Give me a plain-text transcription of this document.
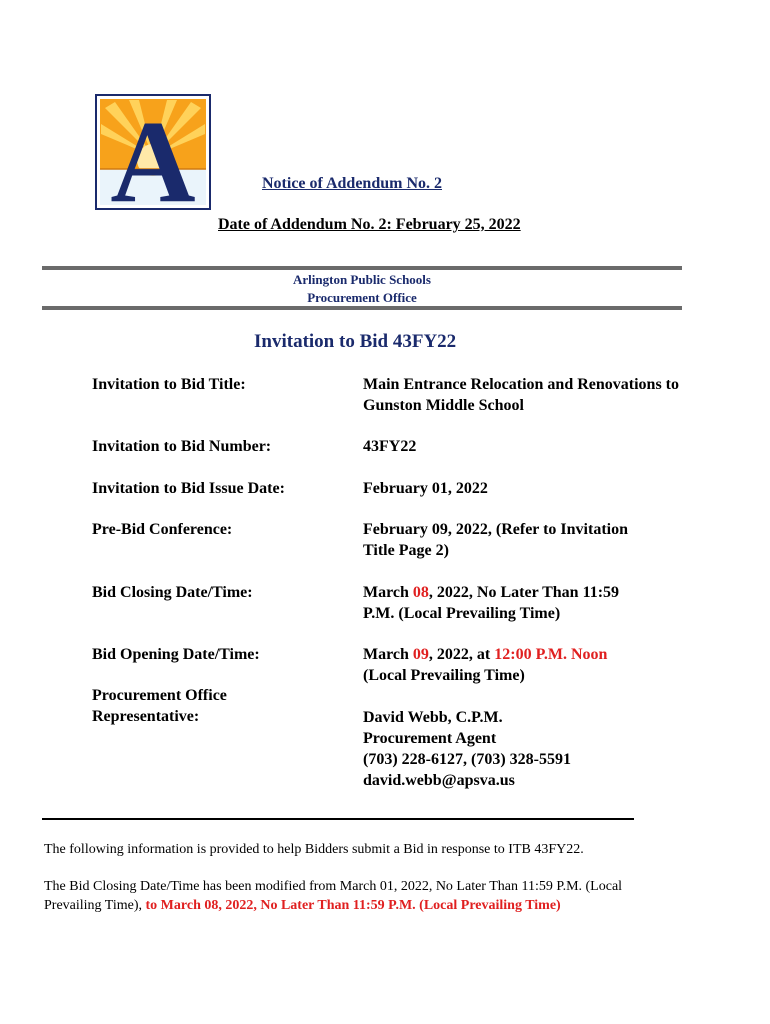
A	Notice of Addendum No. 2
Date of Addendum No. 2: February 25, 2022
Arlington Public Schools
Procurement Office
Invitation to Bid 43FY22
Invitation to Bid Title:	Main Entrance Relocation and Renovations to
Gunston Middle School
Invitation to Bid Number:	43FY22
Invitation to Bid Issue Date:	February 01, 2022
Pre-Bid Conference:	February 09, 2022, (Refer to Invitation
Title Page 2)
Bid Closing Date/Time:	March 08, 2022, No Later Than 11:59
P.M. (Local Prevailing Time)
Bid Opening Date/Time:	March 09, 2022, at 12:00 P.M. Noon
(Local Prevailing Time)
Procurement Office
Representative:	David Webb, C.P.M.
Procurement Agent
(703) 228-6127, (703) 328-5591
david.webb@apsva.us
The following information is provided to help Bidders submit a Bid in response to ITB 43FY22.
The Bid Closing Date/Time has been modified from March 01, 2022, No Later Than 11:59 P.M. (Local
Prevailing Time), to March 08, 2022, No Later Than 11:59 P.M. (Local Prevailing Time)
